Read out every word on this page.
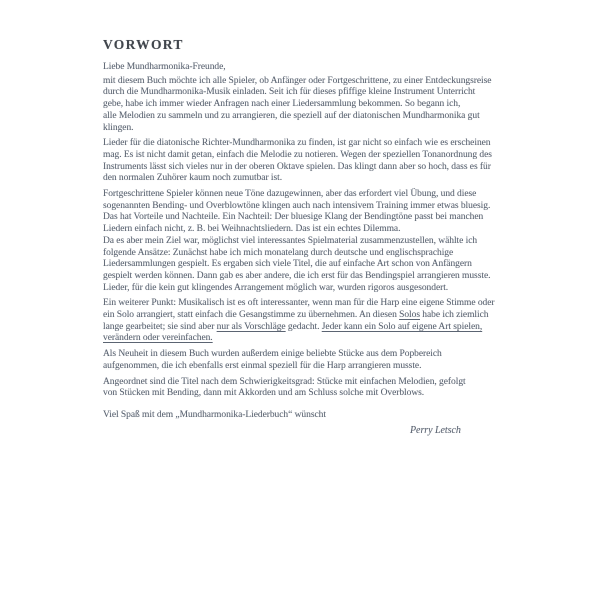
VORWORT
Liebe Mundharmonika-Freunde,
mit diesem Buch möchte ich alle Spieler, ob Anfänger oder Fortgeschrittene, zu einer Entdeckungsreise
durch die Mundharmonika-Musik einladen. Seit ich für dieses pfiffige kleine Instrument Unterricht
gebe, habe ich immer wieder Anfragen nach einer Liedersammlung bekommen. So begann ich,
alle Melodien zu sammeln und zu arrangieren, die speziell auf der diatonischen Mundharmonika gut
klingen.
Lieder für die diatonische Richter-Mundharmonika zu finden, ist gar nicht so einfach wie es erscheinen
mag. Es ist nicht damit getan, einfach die Melodie zu notieren. Wegen der speziellen Tonanordnung des
Instruments lässt sich vieles nur in der oberen Oktave spielen. Das klingt dann aber so hoch, dass es für
den normalen Zuhörer kaum noch zumutbar ist.
Fortgeschrittene Spieler können neue Töne dazugewinnen, aber das erfordert viel Übung, und diese
sogenannten Bending- und Overblowtöne klingen auch nach intensivem Training immer etwas bluesig.
Das hat Vorteile und Nachteile. Ein Nachteil: Der bluesige Klang der Bendingtöne passt bei manchen
Liedern einfach nicht, z. B. bei Weihnachtsliedern. Das ist ein echtes Dilemma.
Da es aber mein Ziel war, möglichst viel interessantes Spielmaterial zusammenzustellen, wählte ich
folgende Ansätze: Zunächst habe ich mich monatelang durch deutsche und englischsprachige
Liedersammlungen gespielt. Es ergaben sich viele Titel, die auf einfache Art schon von Anfängern
gespielt werden können. Dann gab es aber andere, die ich erst für das Bendingspiel arrangieren musste.
Lieder, für die kein gut klingendes Arrangement möglich war, wurden rigoros ausgesondert.
Ein weiterer Punkt: Musikalisch ist es oft interessanter, wenn man für die Harp eine eigene Stimme oder
ein Solo arrangiert, statt einfach die Gesangstimme zu übernehmen. An diesen Solos habe ich ziemlich
lange gearbeitet; sie sind aber nur als Vorschläge gedacht. Jeder kann ein Solo auf eigene Art spielen,
verändern oder vereinfachen.
Als Neuheit in diesem Buch wurden außerdem einige beliebte Stücke aus dem Popbereich
aufgenommen, die ich ebenfalls erst einmal speziell für die Harp arrangieren musste.
Angeordnet sind die Titel nach dem Schwierigkeitsgrad: Stücke mit einfachen Melodien, gefolgt
von Stücken mit Bending, dann mit Akkorden und am Schluss solche mit Overblows.
Viel Spaß mit dem „Mundharmonika-Liederbuch“ wünscht
Perry Letsch
